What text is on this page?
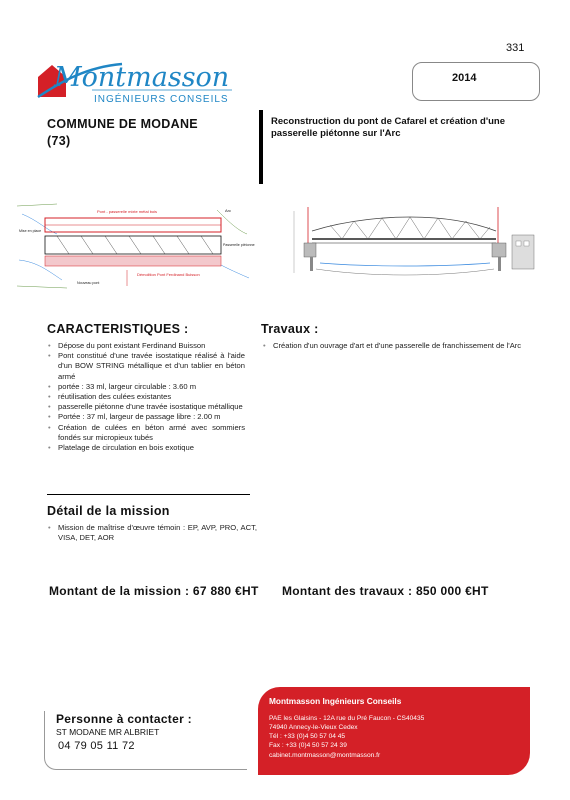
331
Montmasson
INGÉNIEURS CONSEILS
2014
COMMUNE DE MODANE
(73)
Reconstruction du pont de Cafarel et création d'une passerelle piétonne sur l'Arc
Pont - passerelle mixte métal bois	Arc
Mise en place
Passerelle piétonne
Démolition Pont Ferdinand Buisson
Nouveau pont
CARACTERISTIQUES :
• Dépose du pont existant Ferdinand Buisson
• Pont constitué d'une travée isostatique réalisé à l'aide d'un BOW STRING métallique et d'un tablier en béton armé
• portée : 33 ml, largeur circulable : 3.60 m
• réutilisation des culées existantes
• passerelle piétonne d'une travée isostatique métallique
• Portée : 37 ml, largeur de passage libre : 2.00 m
• Création de culées en béton armé avec sommiers fondés sur micropieux tubés
• Platelage de circulation en bois exotique
Travaux :
• Création d'un ouvrage d'art et d'une passerelle de franchissement de l'Arc
Détail de la mission
• Mission de maîtrise d'œuvre témoin : EP, AVP, PRO, ACT, VISA, DET, AOR
Montant de la mission : 67 880 €HT Montant des travaux : 850 000 €HT
Personne à contacter :
ST MODANE MR ALBRIET
04 79 05 11 72
Montmasson Ingénieurs Conseils
PAE les Glaisins - 12A rue du Pré Faucon - CS40435
74940 Annecy-le-Vieux Cedex
Tél : +33 (0)4 50 57 04 45
Fax : +33 (0)4 50 57 24 39
cabinet.montmasson@montmasson.fr
